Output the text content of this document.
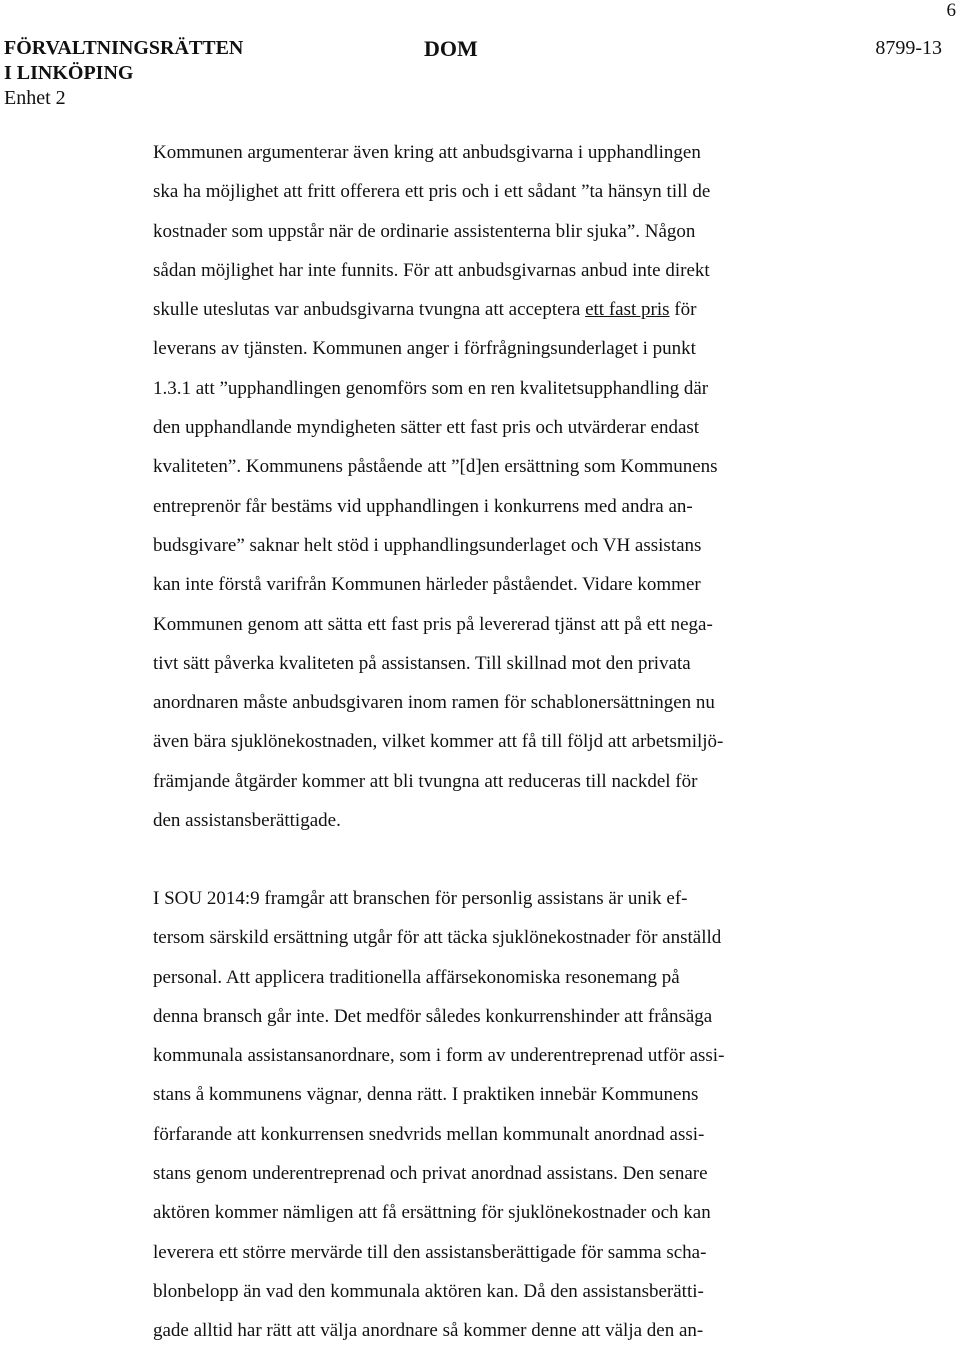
6
FÖRVALTNINGSRÄTTEN
I LINKÖPING
Enhet 2
DOM	8799-13
Kommunen argumenterar även kring att anbudsgivarna i upphandlingen
ska ha möjlighet att fritt offerera ett pris och i ett sådant ”ta hänsyn till de
kostnader som uppstår när de ordinarie assistenterna blir sjuka”. Någon
sådan möjlighet har inte funnits. För att anbudsgivarnas anbud inte direkt
skulle uteslutas var anbudsgivarna tvungna att acceptera ett fast pris för
leverans av tjänsten. Kommunen anger i förfrågningsunderlaget i punkt
1.3.1 att ”upphandlingen genomförs som en ren kvalitetsupphandling där
den upphandlande myndigheten sätter ett fast pris och utvärderar endast
kvaliteten”. Kommunens påstående att ”[d]en ersättning som Kommunens
entreprenör får bestäms vid upphandlingen i konkurrens med andra an-
budsgivare” saknar helt stöd i upphandlingsunderlaget och VH assistans
kan inte förstå varifrån Kommunen härleder påståendet. Vidare kommer
Kommunen genom att sätta ett fast pris på levererad tjänst att på ett nega-
tivt sätt påverka kvaliteten på assistansen. Till skillnad mot den privata
anordnaren måste anbudsgivaren inom ramen för schablonersättningen nu
även bära sjuklönekostnaden, vilket kommer att få till följd att arbetsmiljö-
främjande åtgärder kommer att bli tvungna att reduceras till nackdel för
den assistansberättigade.
I SOU 2014:9 framgår att branschen för personlig assistans är unik ef-
tersom särskild ersättning utgår för att täcka sjuklönekostnader för anställd
personal. Att applicera traditionella affärsekonomiska resonemang på
denna bransch går inte. Det medför således konkurrenshinder att frånsäga
kommunala assistansanordnare, som i form av underentreprenad utför assi-
stans å kommunens vägnar, denna rätt. I praktiken innebär Kommunens
förfarande att konkurrensen snedvrids mellan kommunalt anordnad assi-
stans genom underentreprenad och privat anordnad assistans. Den senare
aktören kommer nämligen att få ersättning för sjuklönekostnader och kan
leverera ett större mervärde till den assistansberättigade för samma scha-
blonbelopp än vad den kommunala aktören kan. Då den assistansberätti-
gade alltid har rätt att välja anordnare så kommer denne att välja den an-
